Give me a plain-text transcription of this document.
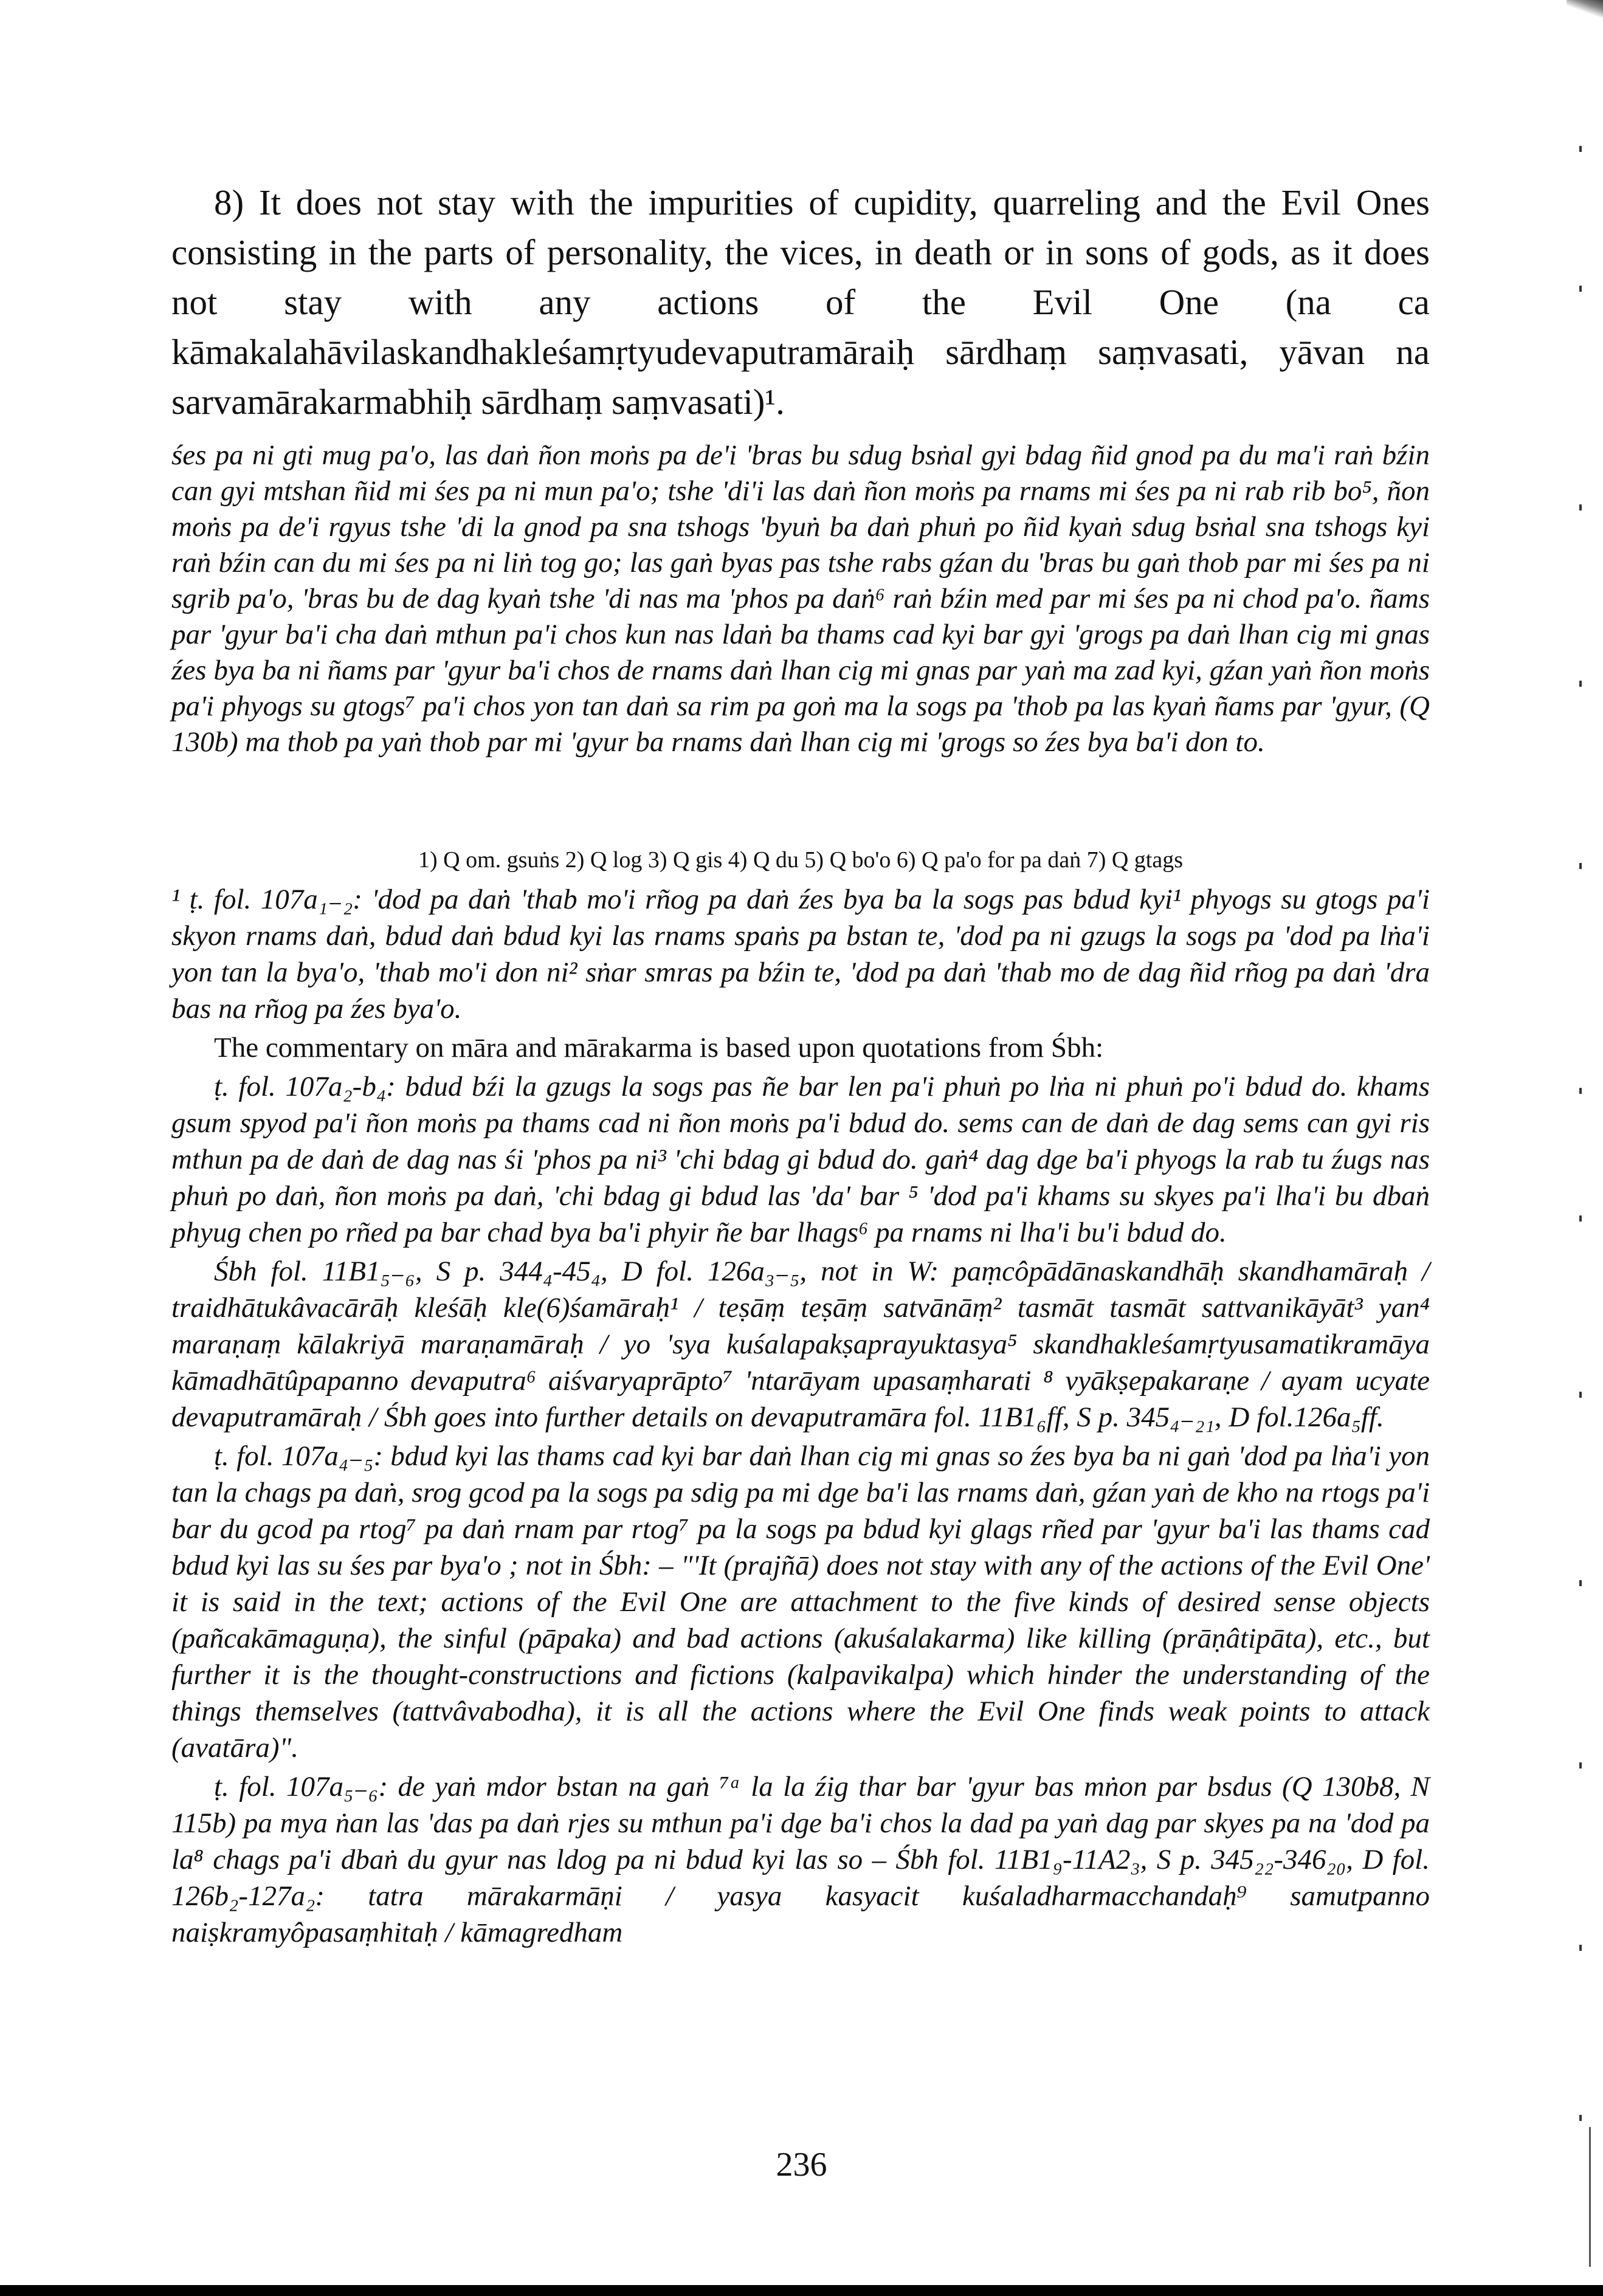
8) It does not stay with the impurities of cupidity, quarreling and the Evil Ones consisting in the parts of personality, the vices, in death or in sons of gods, as it does not stay with any actions of the Evil One (na ca kāmakalahāvilaskandhakleśamṛtyudevaputramāraiḥ sārdhaṃ saṃvasati, yāvan na sarvamārakarmabhiḥ sārdhaṃ saṃvasati)¹.
śes pa ni gti mug pa'o, las daṅ ñon moṅs pa de'i 'bras bu sdug bsṅal gyi bdag ñid gnod pa du ma'i raṅ bźin can gyi mtshan ñid mi śes pa ni mun pa'o; tshe 'di'i las daṅ ñon moṅs pa rnams mi śes pa ni rab rib bo⁵, ñon moṅs pa de'i rgyus tshe 'di la gnod pa sna tshogs 'byuṅ ba daṅ phuṅ po ñid kyaṅ sdug bsṅal sna tshogs kyi raṅ bźin can du mi śes pa ni liṅ tog go; las gaṅ byas pas tshe rabs gźan du 'bras bu gaṅ thob par mi śes pa ni sgrib pa'o, 'bras bu de dag kyaṅ tshe 'di nas ma 'phos pa daṅ⁶ raṅ bźin med par mi śes pa ni chod pa'o. ñams par 'gyur ba'i cha daṅ mthun pa'i chos kun nas ldaṅ ba thams cad kyi bar gyi 'grogs pa daṅ lhan cig mi gnas źes bya ba ni ñams par 'gyur ba'i chos de rnams daṅ lhan cig mi gnas par yaṅ ma zad kyi, gźan yaṅ ñon moṅs pa'i phyogs su gtogs⁷ pa'i chos yon tan daṅ sa rim pa goṅ ma la sogs pa 'thob pa las kyaṅ ñams par 'gyur, (Q 130b) ma thob pa yaṅ thob par mi 'gyur ba rnams daṅ lhan cig mi 'grogs so źes bya ba'i don to.
1) Q om. gsuṅs 2) Q log 3) Q gis 4) Q du 5) Q bo'o 6) Q pa'o for pa daṅ 7) Q gtags

¹ ṭ. fol. 107a₁₋₂: 'dod pa daṅ 'thab mo'i rñog pa daṅ źes bya ba la sogs pas bdud kyi¹ phyogs su gtogs pa'i skyon rnams daṅ, bdud daṅ bdud kyi las rnams spaṅs pa bstan te, 'dod pa ni gzugs la sogs pa 'dod pa lṅa'i yon tan la bya'o, 'thab mo'i don ni² sṅar smras pa bźin te, 'dod pa daṅ 'thab mo de dag ñid rñog pa daṅ 'dra bas na rñog pa źes bya'o.

The commentary on māra and mārakarma is based upon quotations from Śbh:

ṭ. fol. 107a₂-b₄: bdud bźi la gzugs la sogs pas ñe bar len pa'i phuṅ po lṅa ni phuṅ po'i bdud do. khams gsum spyod pa'i ñon moṅs pa thams cad ni ñon moṅs pa'i bdud do. sems can de daṅ de dag sems can gyi ris mthun pa de daṅ de dag nas śi 'phos pa ni³ 'chi bdag gi bdud do. gaṅ⁴ dag dge ba'i phyogs la rab tu źugs nas phuṅ po daṅ, ñon moṅs pa daṅ, 'chi bdag gi bdud las 'da' bar ⁵ 'dod pa'i khams su skyes pa'i lha'i bu dbaṅ phyug chen po rñed pa bar chad bya ba'i phyir ñe bar lhags⁶ pa rnams ni lha'i bu'i bdud do.

Śbh fol. 11B1₅₋₆, S p. 344₄-45₄, D fol. 126a₃₋₅, not in W: paṃcôpādānaskandhāḥ skandhamāraḥ / traidhātukâvacārāḥ kleśāḥ kle(6)śamāraḥ¹ / teṣāṃ teṣāṃ satvānāṃ² tasmāt tasmāt sattvanikāyāt³ yan⁴ maraṇaṃ kālakriyā maraṇamāraḥ / yo 'sya kuśalapakṣaprayuktasya⁵ skandhakleśamṛtyusamatikramāya kāmadhātûpapanno devaputra⁶ aiśvaryaprāpto⁷ 'ntarāyam upasaṃharati ⁸ vyākṣepakaraṇe / ayam ucyate devaputramāraḥ / Śbh goes into further details on devaputramāra fol. 11B1₆ff, S p. 345₄₋₂₁, D fol.126a₅ff.

ṭ. fol. 107a₄₋₅: bdud kyi las thams cad kyi bar daṅ lhan cig mi gnas so źes bya ba ni gaṅ 'dod pa lṅa'i yon tan la chags pa daṅ, srog gcod pa la sogs pa sdig pa mi dge ba'i las rnams daṅ, gźan yaṅ de kho na rtogs pa'i bar du gcod pa rtog⁷ pa daṅ rnam par rtog⁷ pa la sogs pa bdud kyi glags rñed par 'gyur ba'i las thams cad bdud kyi las su śes par bya'o ; not in Śbh: – "'It (prajñā) does not stay with any of the actions of the Evil One' it is said in the text; actions of the Evil One are attachment to the five kinds of desired sense objects (pañcakāmaguṇa), the sinful (pāpaka) and bad actions (akuśalakarma) like killing (prāṇâtipāta), etc., but further it is the thought-constructions and fictions (kalpavikalpa) which hinder the understanding of the things themselves (tattvâvabodha), it is all the actions where the Evil One finds weak points to attack (avatāra)".

ṭ. fol. 107a₅₋₆: de yaṅ mdor bstan na gaṅ ⁷ᵃ la la źig thar bar 'gyur bas mṅon par bsdus (Q 130b8, N 115b) pa mya ṅan las 'das pa daṅ rjes su mthun pa'i dge ba'i chos la dad pa yaṅ dag par skyes pa na 'dod pa la⁸ chags pa'i dbaṅ du gyur nas ldog pa ni bdud kyi las so – Śbh fol. 11B1₉-11A2₃, S p. 345₂₂-346₂₀, D fol. 126b₂-127a₂: tatra mārakarmāṇi / yasya kasyacit kuśaladharmacchandaḥ⁹ samutpanno naiṣkramyôpasaṃhitaḥ / kāmagredham

236
